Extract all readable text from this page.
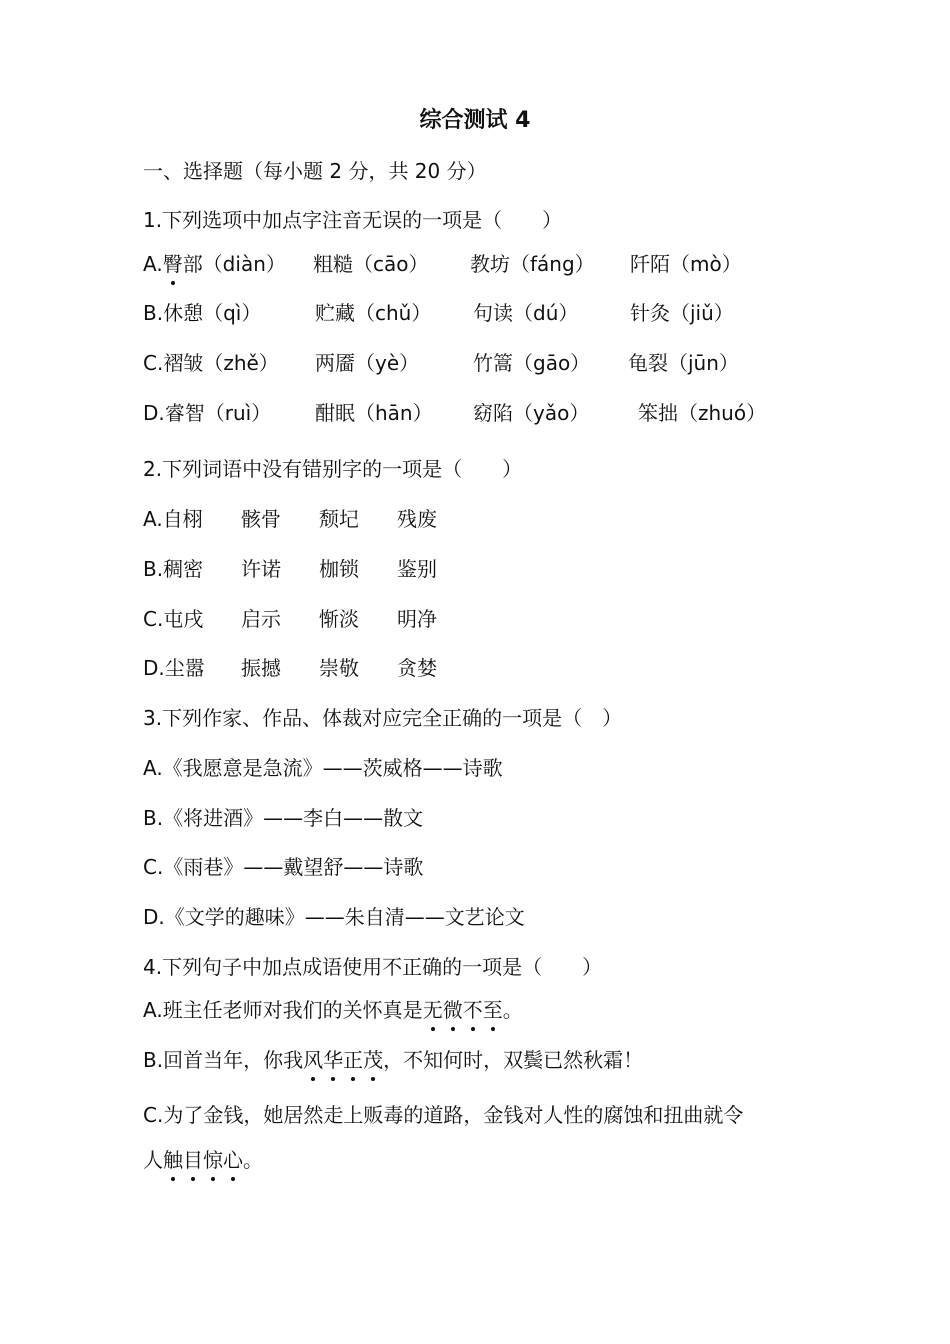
综合测试 4
一、选择题（每小题 2 分，共 20 分）
1.下列选项中加点字注音无误的一项是（　　）
A.臀部（diàn） 粗糙（cāo） 教坊（fáng） 阡陌（mò）
B.休憩（qì）	贮藏（chǔ） 句读（dú）	针灸（jiǔ）
C.褶皱（zhě） 两靥（yè）	竹篙（gāo） 龟裂（jūn）
D.睿智（ruì） 酣眠（hān） 窈陷（yǎo） 笨拙（zhuó）
2.下列词语中没有错别字的一项是（　　）
A.自栩 骸骨 颓圮 残废
B.稠密 许诺 枷锁 鉴别
C.屯戌 启示 惭淡 明净
D.尘嚣 振撼 崇敬 贪婪
3.下列作家、作品、体裁对应完全正确的一项是（　）
A.《我愿意是急流》——茨威格——诗歌
B.《将进酒》——李白——散文
C.《雨巷》——戴望舒——诗歌
D.《文学的趣味》——朱自清——文艺论文
4.下列句子中加点成语使用不正确的一项是（　　）
A.班主任老师对我们的关怀真是无微不至。
B.回首当年，你我风华正茂，不知何时，双鬓已然秋霜！
C.为了金钱，她居然走上贩毒的道路，金钱对人性的腐蚀和扭曲就令
人触目惊心。
